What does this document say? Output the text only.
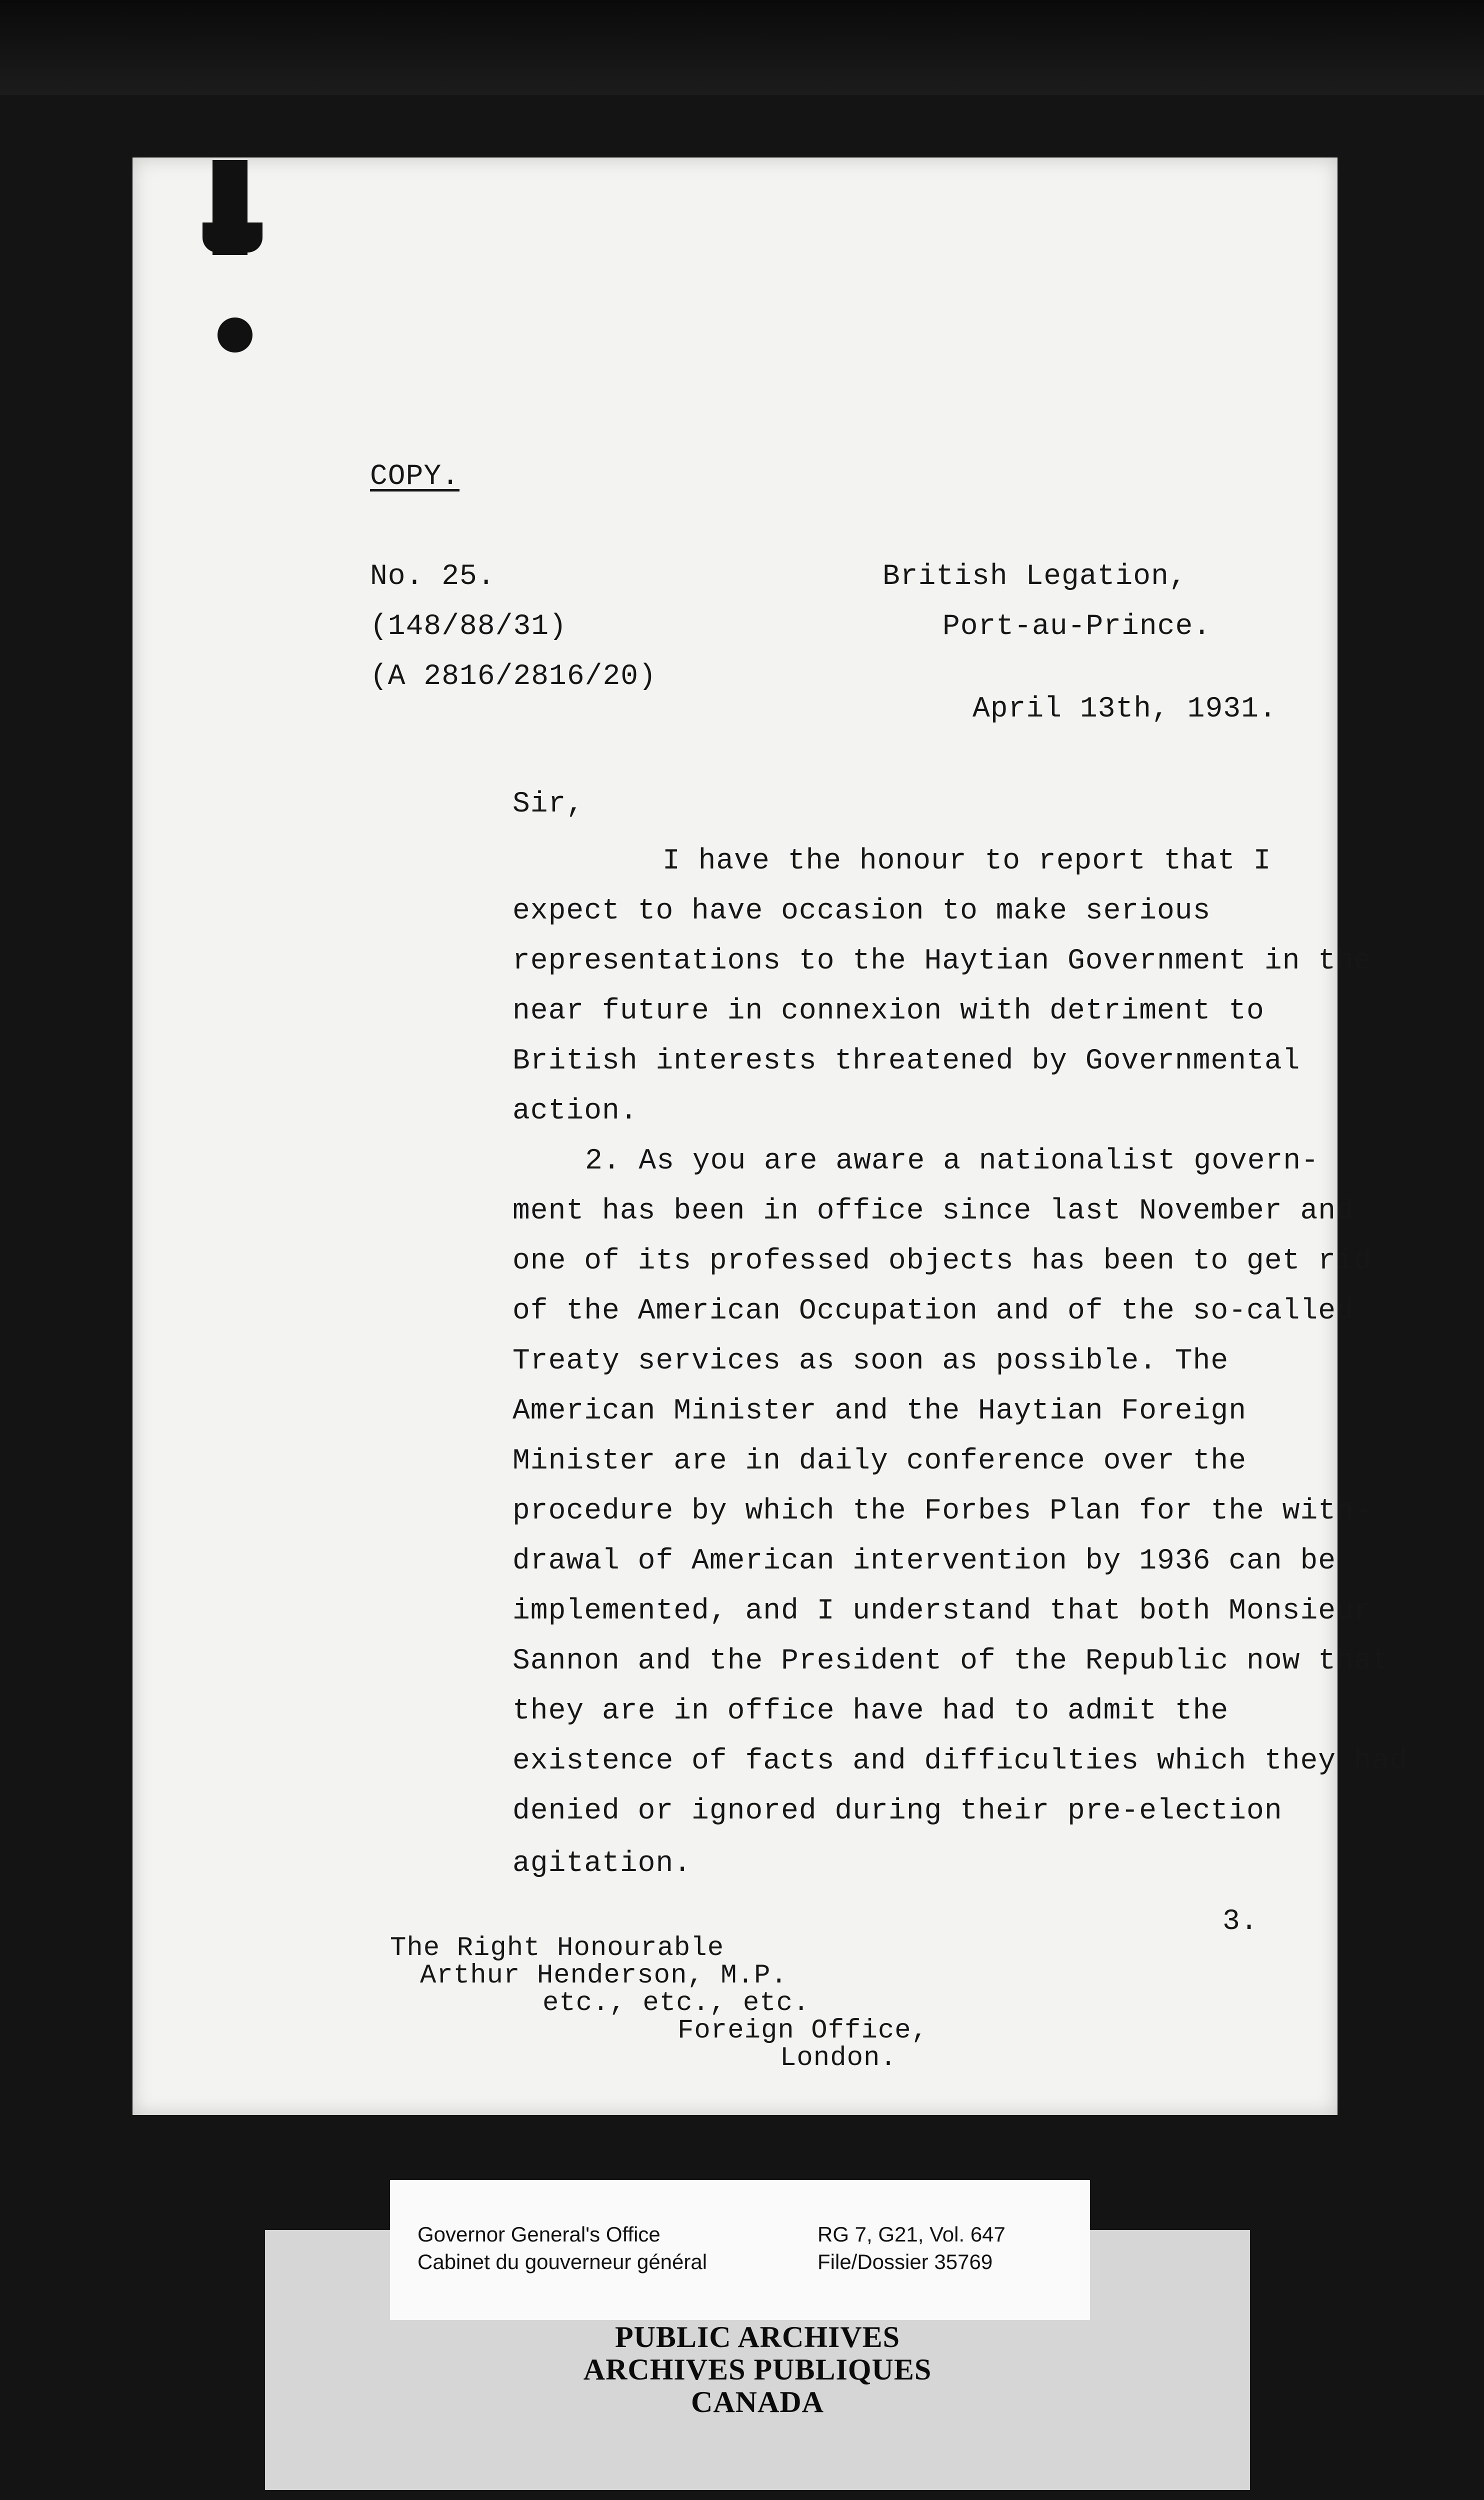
COPY.
No. 25.
(148/88/31)
(A 2816/2816/20)
British Legation,
Port-au-Prince.
April 13th, 1931.
Sir,
I have the honour to report that I
expect to have occasion to make serious
representations to the Haytian Government in the
near future in connexion with detriment to
British interests threatened by Governmental
action.
2. As you are aware a nationalist govern-
ment has been in office since last November and
one of its professed objects has been to get rid
of the American Occupation and of the so-called
Treaty services as soon as possible. The
American Minister and the Haytian Foreign
Minister are in daily conference over the
procedure by which the Forbes Plan for the with-
drawal of American intervention by 1936 can be
implemented, and I understand that both Monsieur
Sannon and the President of the Republic now that
they are in office have had to admit the
existence of facts and difficulties which they had
denied or ignored during their pre-election
agitation.
3.
The Right Honourable
Arthur Henderson, M.P.
etc., etc., etc.
Foreign Office,
London.
PUBLIC ARCHIVES
ARCHIVES PUBLIQUES
CANADA
Governor General's Office
Cabinet du gouverneur général
RG 7, G21, Vol. 647
File/Dossier 35769
